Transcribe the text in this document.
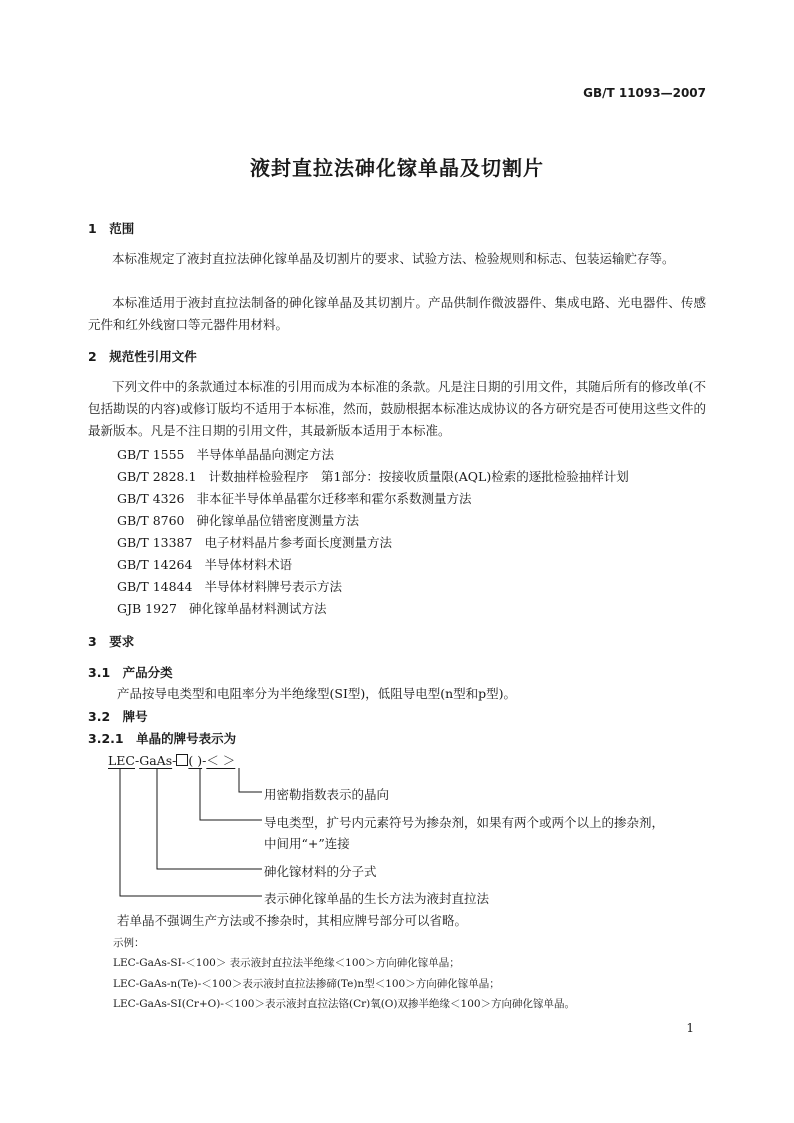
GB/T 11093—2007
液封直拉法砷化镓单晶及切割片
1　范围
本标准规定了液封直拉法砷化镓单晶及切割片的要求、试验方法、检验规则和标志、包装运输贮存等。
本标准适用于液封直拉法制备的砷化镓单晶及其切割片。产品供制作微波器件、集成电路、光电器件、传感元件和红外线窗口等元器件用材料。
2　规范性引用文件
下列文件中的条款通过本标准的引用而成为本标准的条款。凡是注日期的引用文件，其随后所有的修改单(不包括勘误的内容)或修订版均不适用于本标准，然而，鼓励根据本标准达成协议的各方研究是否可使用这些文件的最新版本。凡是不注日期的引用文件，其最新版本适用于本标准。
GB/T 1555 半导体单晶晶向测定方法
GB/T 2828.1 计数抽样检验程序　第1部分：按接收质量限(AQL)检索的逐批检验抽样计划
GB/T 4326 非本征半导体单晶霍尔迁移率和霍尔系数测量方法
GB/T 8760 砷化镓单晶位错密度测量方法
GB/T 13387 电子材料晶片参考面长度测量方法
GB/T 14264 半导体材料术语
GB/T 14844 半导体材料牌号表示方法
GJB 1927 砷化镓单晶材料测试方法
3　要求
3.1　产品分类
产品按导电类型和电阻率分为半绝缘型(SI型)，低阻导电型(n型和p型)。
3.2　牌号
3.2.1　单晶的牌号表示为
LEC-GaAs- ( )-＜ ＞
用密勒指数表示的晶向
导电类型，扩号内元素符号为掺杂剂，如果有两个或两个以上的掺杂剂，
中间用“+”连接
砷化镓材料的分子式
表示砷化镓单晶的生长方法为液封直拉法
若单晶不强调生产方法或不掺杂时，其相应牌号部分可以省略。
示例：
LEC-GaAs-SI-＜100＞ 表示液封直拉法半绝缘＜100＞方向砷化镓单晶；
LEC-GaAs-n(Te)-＜100＞表示液封直拉法掺碲(Te)n型＜100＞方向砷化镓单晶；
LEC-GaAs-SI(Cr+O)-＜100＞表示液封直拉法铬(Cr)氧(O)双掺半绝缘＜100＞方向砷化镓单晶。
1
